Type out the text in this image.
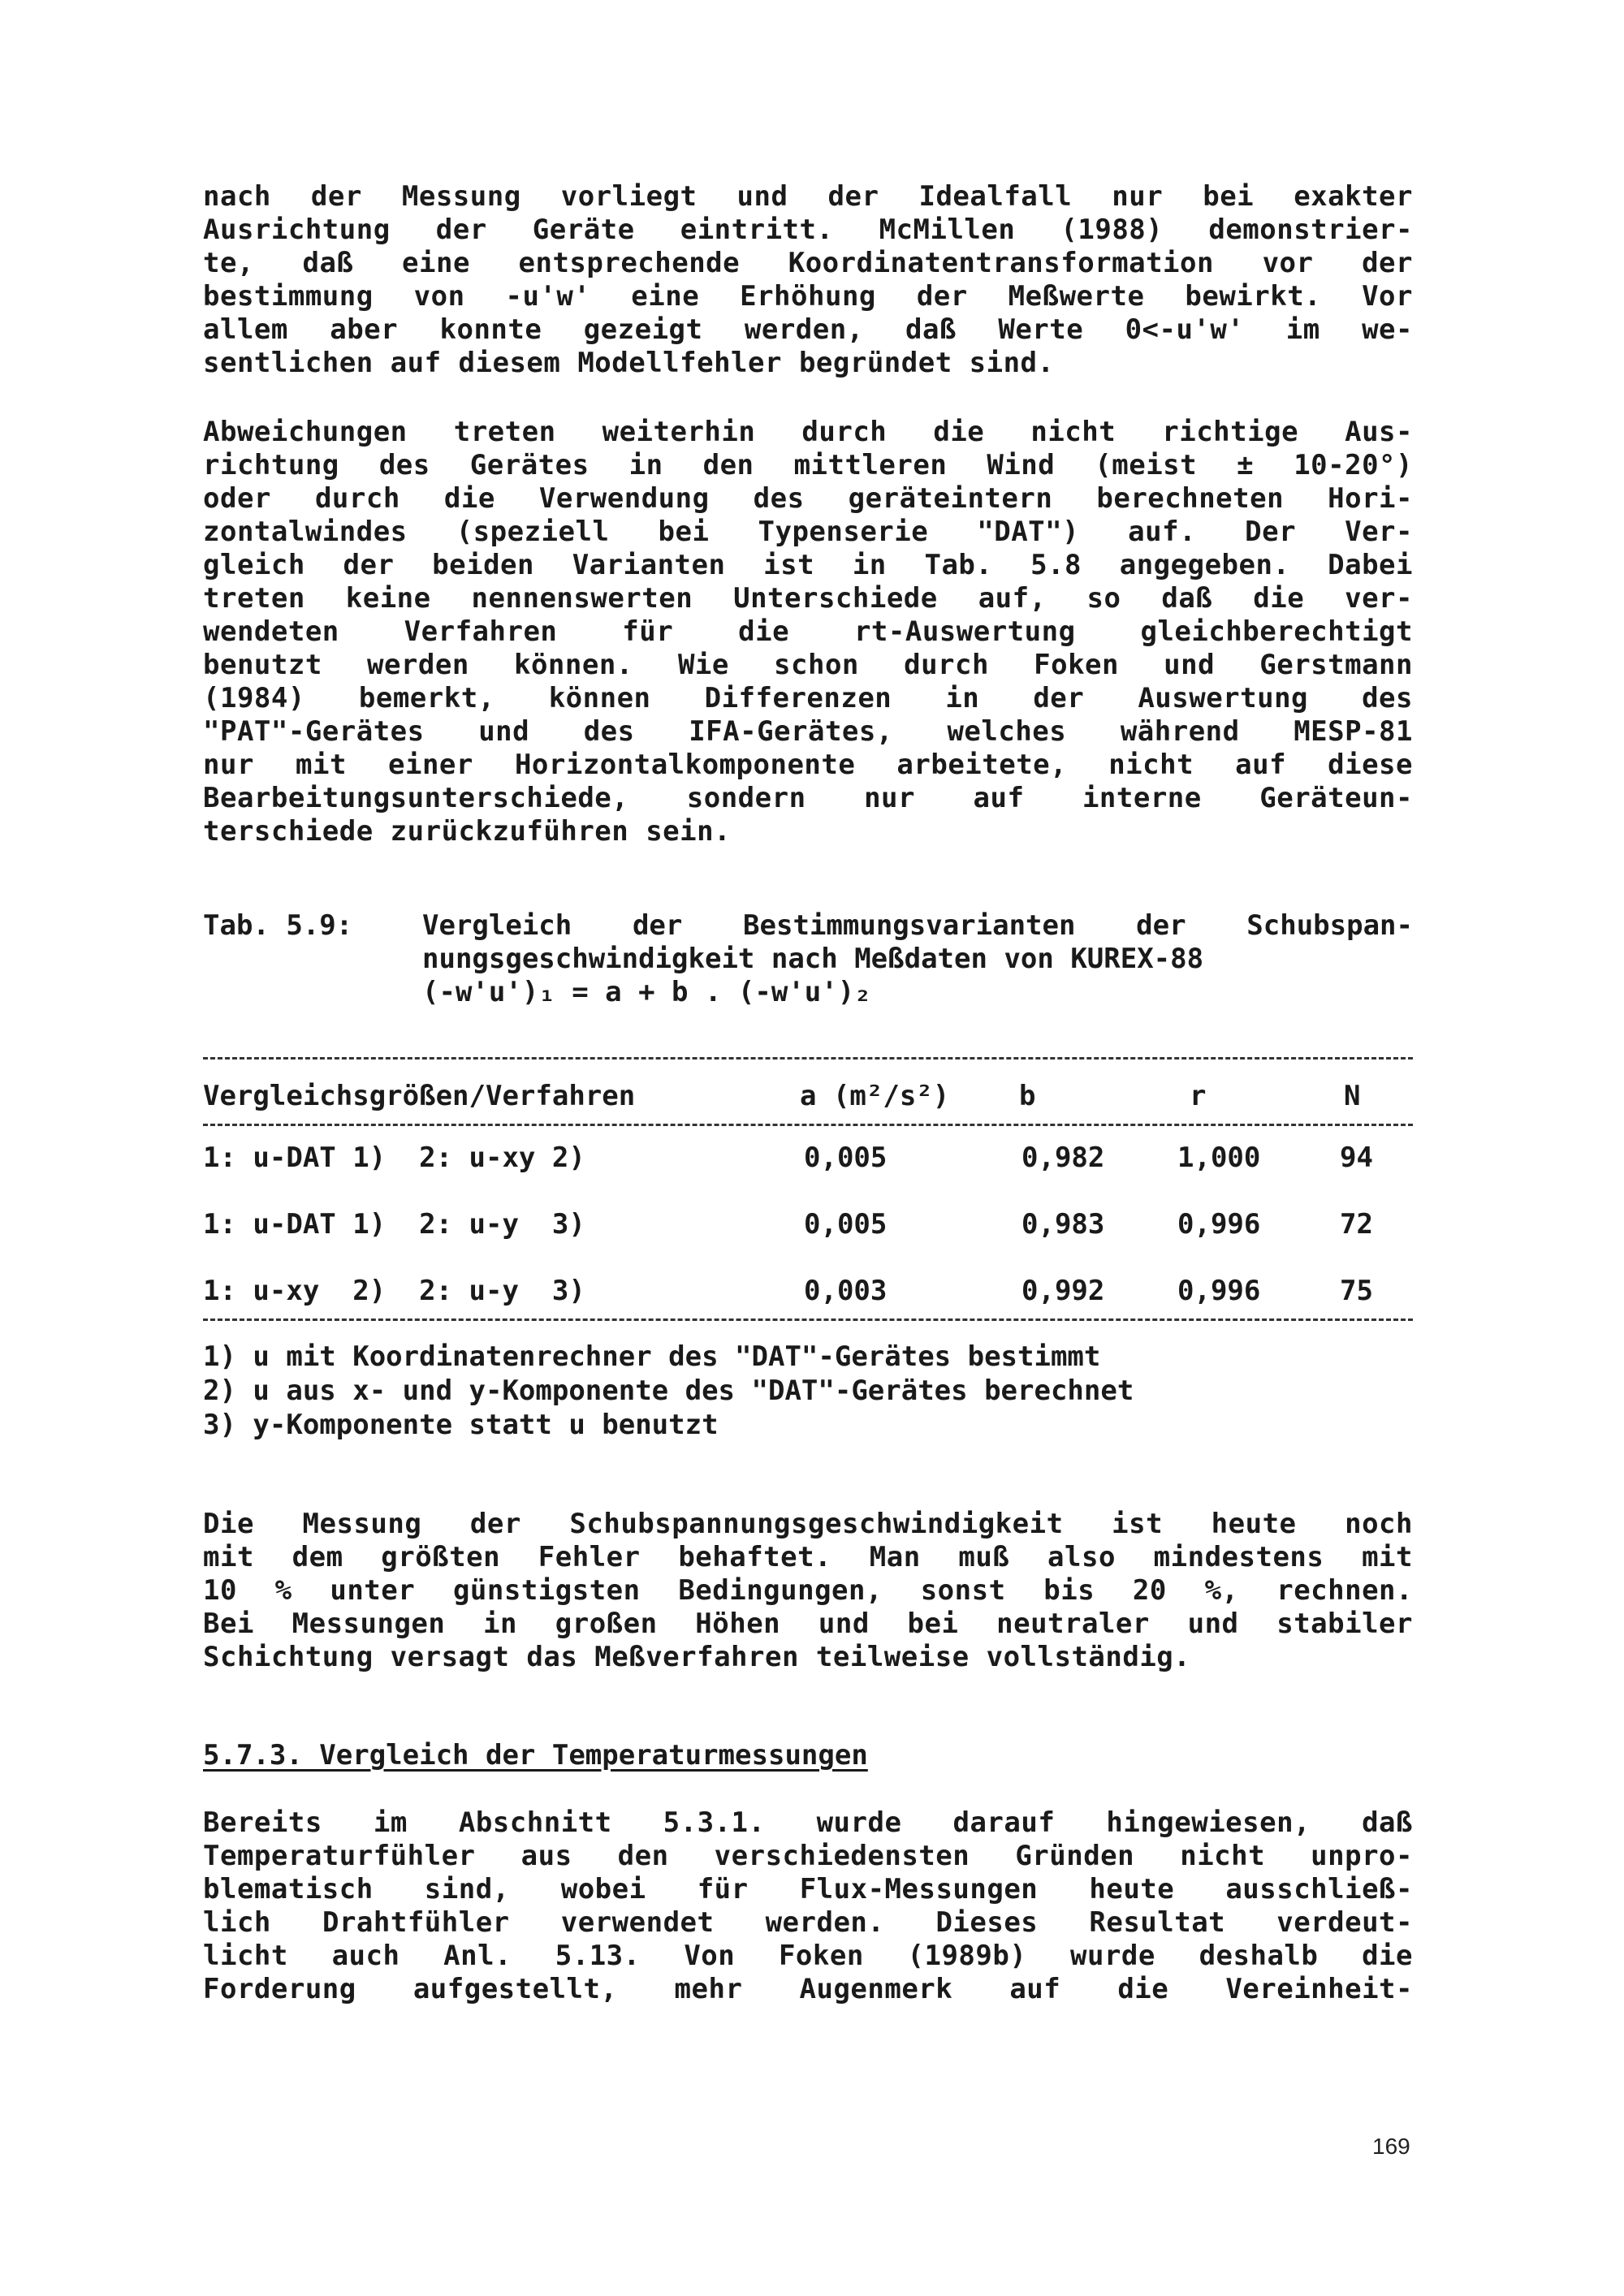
nach der Messung vorliegt und der Idealfall nur bei exakter
Ausrichtung der Geräte eintritt. McMillen (1988) demonstrier-
te, daß eine entsprechende Koordinatentransformation vor der
bestimmung von -u'w' eine Erhöhung der Meßwerte bewirkt. Vor
allem aber konnte gezeigt werden, daß Werte 0<-u'w' im we-
sentlichen auf diesem Modellfehler begründet sind.
Abweichungen treten weiterhin durch die nicht richtige Aus-
richtung des Gerätes in den mittleren Wind (meist ± 10-20°)
oder durch die Verwendung des geräteintern berechneten Hori-
zontalwindes (speziell bei Typenserie "DAT") auf. Der Ver-
gleich der beiden Varianten ist in Tab. 5.8 angegeben. Dabei
treten keine nennenswerten Unterschiede auf, so daß die ver-
wendeten Verfahren für die rt-Auswertung gleichberechtigt
benutzt werden können. Wie schon durch Foken und Gerstmann
(1984) bemerkt, können Differenzen in der Auswertung des
"PAT"-Gerätes und des IFA-Gerätes, welches während MESP-81
nur mit einer Horizontalkomponente arbeitete, nicht auf diese
Bearbeitungsunterschiede, sondern nur auf interne Geräteun-
terschiede zurückzuführen sein.
Tab. 5.9:	Vergleich der Bestimmungsvarianten der Schubspan-
nungsgeschwindigkeit nach Meßdaten von KUREX-88
(-w'u')₁ = a + b . (-w'u')₂
Vergleichsgrößen/Verfahren	a (m²/s²)	b	r	N
1: u-DAT 1)  2: u-xy 2)	0,005	0,982	1,000	94
1: u-DAT 1)  2: u-y  3)	0,005	0,983	0,996	72
1: u-xy  2)  2: u-y  3)	0,003	0,992	0,996	75
1) u mit Koordinatenrechner des "DAT"-Gerätes bestimmt
2) u aus x- und y-Komponente des "DAT"-Gerätes berechnet
3) y-Komponente statt u benutzt
Die Messung der Schubspannungsgeschwindigkeit ist heute noch
mit dem größten Fehler behaftet. Man muß also mindestens mit
10 % unter günstigsten Bedingungen, sonst bis 20 %, rechnen.
Bei Messungen in großen Höhen und bei neutraler und stabiler
Schichtung versagt das Meßverfahren teilweise vollständig.
5.7.3. Vergleich der Temperaturmessungen
Bereits im Abschnitt 5.3.1. wurde darauf hingewiesen, daß
Temperaturfühler aus den verschiedensten Gründen nicht unpro-
blematisch sind, wobei für Flux-Messungen heute ausschließ-
lich Drahtfühler verwendet werden. Dieses Resultat verdeut-
licht auch Anl. 5.13. Von Foken (1989b) wurde deshalb die
Forderung aufgestellt, mehr Augenmerk auf die Vereinheit-
169
